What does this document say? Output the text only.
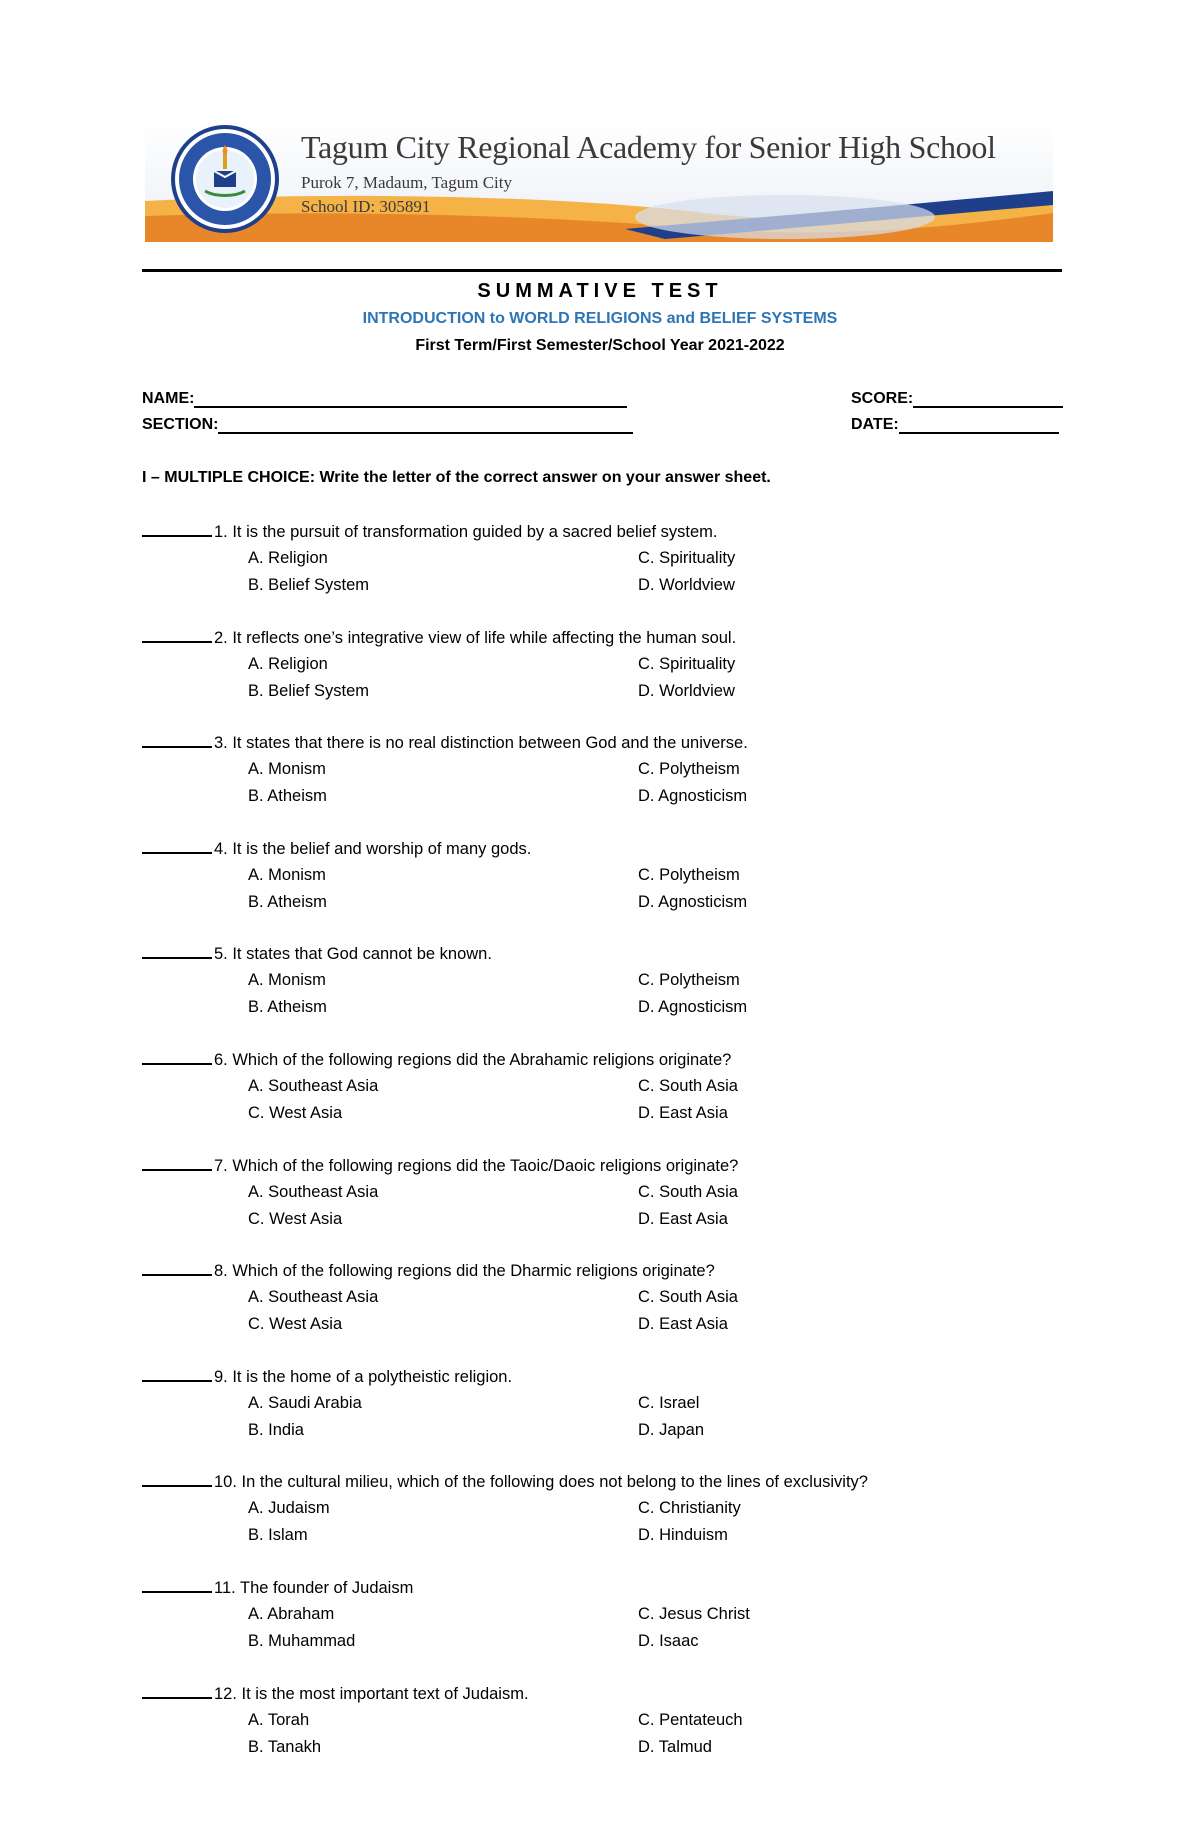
Tagum City Regional Academy for Senior High School
Purok 7, Madaum, Tagum City
School ID: 305891
SUMMATIVE TEST
INTRODUCTION to WORLD RELIGIONS and BELIEF SYSTEMS
First Term/First Semester/School Year 2021-2022
NAME:
SECTION:
SCORE:
DATE:
I – MULTIPLE CHOICE: Write the letter of the correct answer on your answer sheet.
1. It is the pursuit of transformation guided by a sacred belief system.
A. Religion	C. Spirituality
B. Belief System	D. Worldview
2. It reflects one’s integrative view of life while affecting the human soul.
A. Religion	C. Spirituality
B. Belief System	D. Worldview
3. It states that there is no real distinction between God and the universe.
A. Monism	C. Polytheism
B. Atheism	D. Agnosticism
4. It is the belief and worship of many gods.
A. Monism	C. Polytheism
B. Atheism	D. Agnosticism
5. It states that God cannot be known.
A. Monism	C. Polytheism
B. Atheism	D. Agnosticism
6. Which of the following regions did the Abrahamic religions originate?
A. Southeast Asia	C. South Asia
C. West Asia	D. East Asia
7. Which of the following regions did the Taoic/Daoic religions originate?
A. Southeast Asia	C. South Asia
C. West Asia	D. East Asia
8. Which of the following regions did the Dharmic religions originate?
A. Southeast Asia	C. South Asia
C. West Asia	D. East Asia
9. It is the home of a polytheistic religion.
A. Saudi Arabia	C. Israel
B. India	D. Japan
10. In the cultural milieu, which of the following does not belong to the lines of exclusivity?
A. Judaism	C. Christianity
B. Islam	D. Hinduism
11. The founder of Judaism
A. Abraham	C. Jesus Christ
B. Muhammad	D. Isaac
12. It is the most important text of Judaism.
A. Torah	C. Pentateuch
B. Tanakh	D. Talmud
